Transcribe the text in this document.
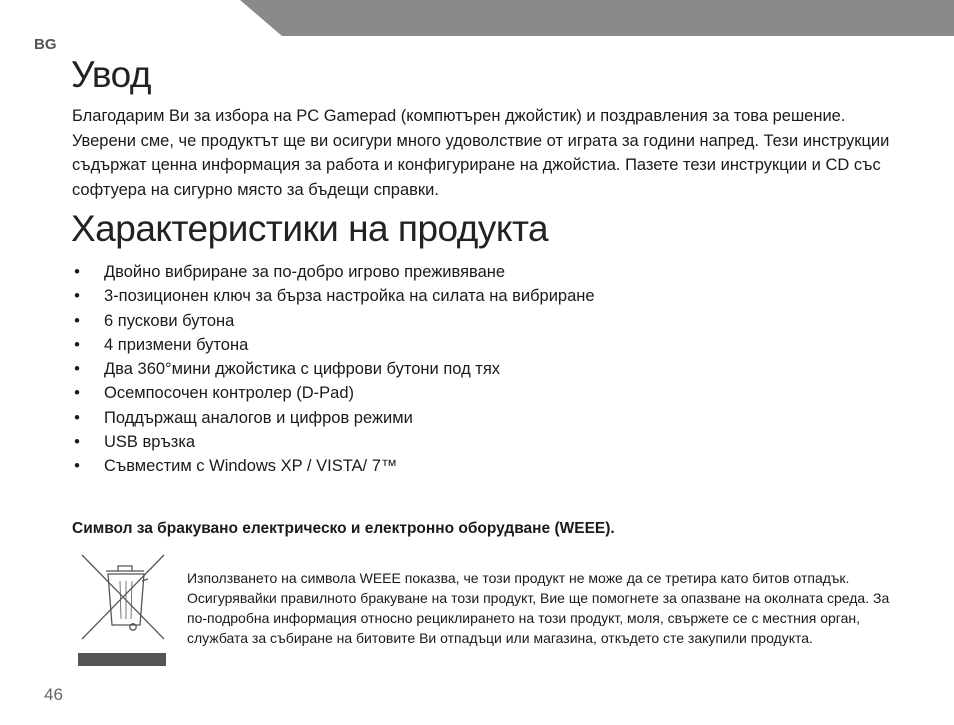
BG
Увод

Благодарим Ви за избора на PC Gamepad (компютърен джойстик) и поздравления за това решение. Уверени сме, че продуктът ще ви осигури много удоволствие от играта за години напред. Тези инструкции съдържат ценна информация за работа и конфигуриране на джойстиа. Пазете тези инструкции и CD със софтуера на сигурно място за бъдещи справки.

Характеристики на продукта
• Двойно вибриране за по-добро игрово преживяване
• 3-позиционен ключ за бърза настройка на силата на вибриране
• 6 пускови бутона
• 4 призмени бутона
• Два 360°мини джойстика с цифрови бутони под тях
• Осемпосочен контролер (D-Pad)
• Поддържащ аналогов и цифров режими
• USB връзка
• Съвместим с Windows XP / VISTA/ 7™
Символ за бракувано електрическо и електронно оборудване (WEEE).

Използването на символа WEEE показва, че този продукт не може да се третира като битов отпадък. Осигурявайки правилното бракуване на този продукт, Вие ще помогнете за опазване на околната среда. За по-подробна информация относно рециклирането на този продукт, моля, свържете се с местния орган, службата за събиране на битовите Ви отпадъци или магазина, откъдето сте закупили продукта.

46
